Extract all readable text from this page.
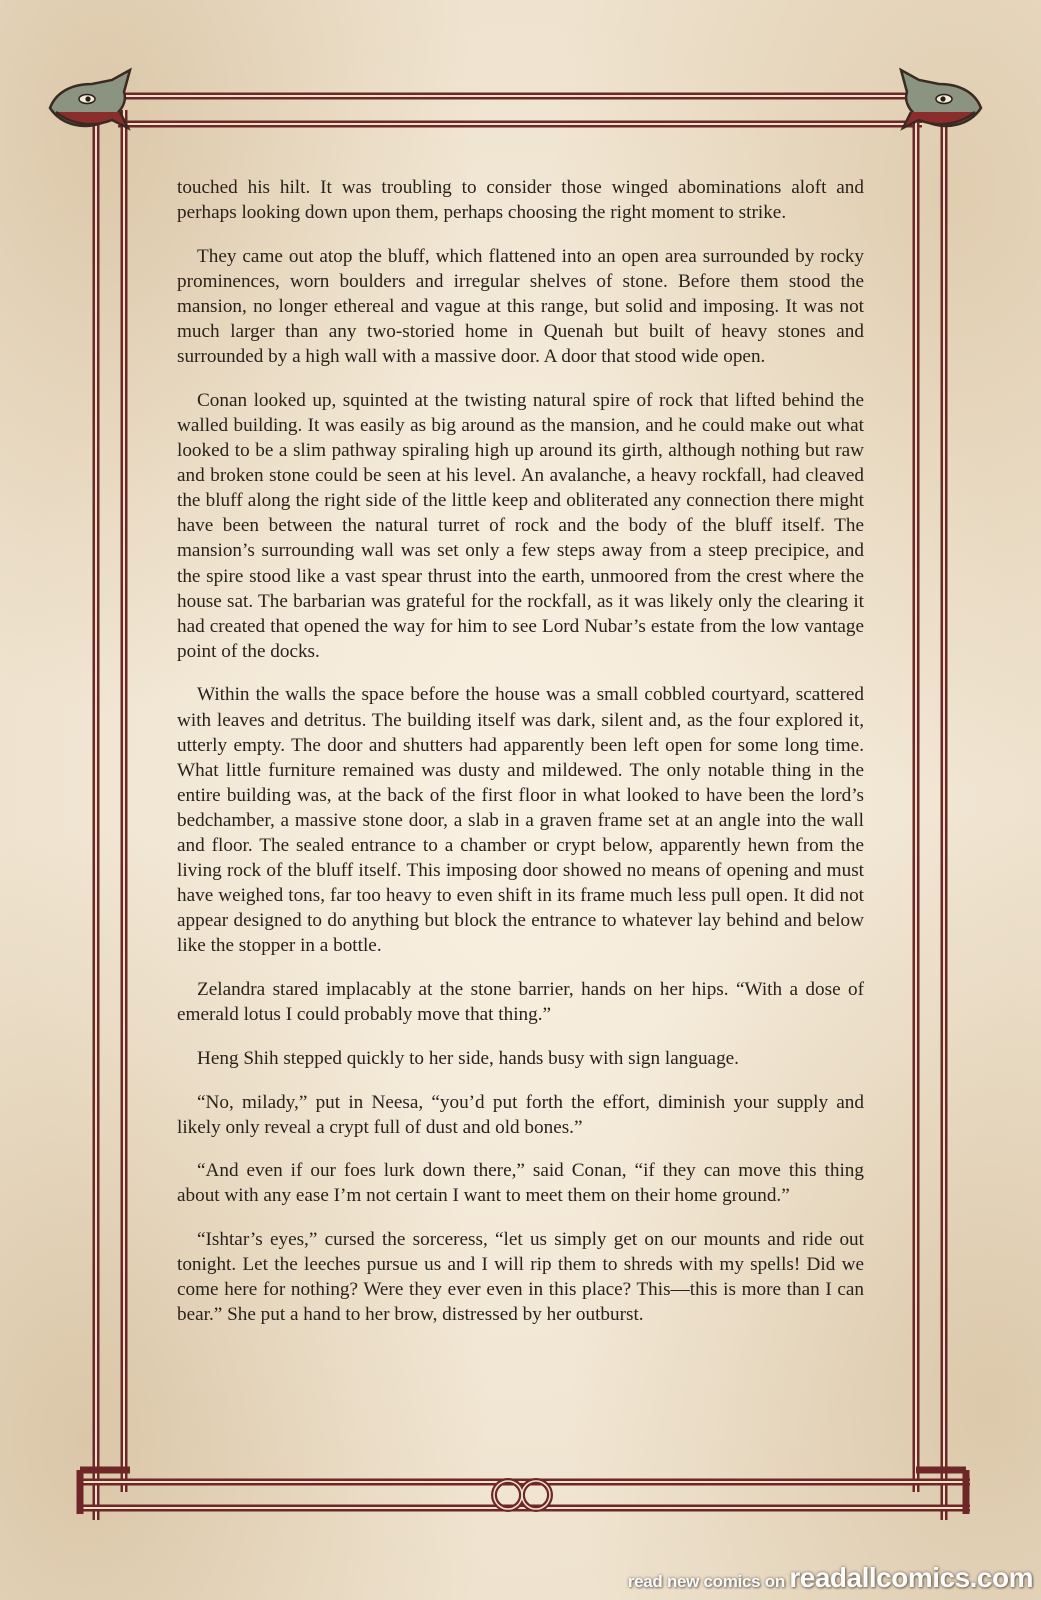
touched his hilt. It was troubling to consider those winged abominations aloft and perhaps looking down upon them, perhaps choosing the right moment to strike.

They came out atop the bluff, which flattened into an open area surrounded by rocky prominences, worn boulders and irregular shelves of stone. Before them stood the mansion, no longer ethereal and vague at this range, but solid and imposing. It was not much larger than any two-storied home in Quenah but built of heavy stones and surrounded by a high wall with a massive door. A door that stood wide open.

Conan looked up, squinted at the twisting natural spire of rock that lifted behind the walled building. It was easily as big around as the mansion, and he could make out what looked to be a slim pathway spiraling high up around its girth, although nothing but raw and broken stone could be seen at his level. An avalanche, a heavy rockfall, had cleaved the bluff along the right side of the little keep and obliterated any connection there might have been between the natural turret of rock and the body of the bluff itself. The mansion’s surrounding wall was set only a few steps away from a steep precipice, and the spire stood like a vast spear thrust into the earth, unmoored from the crest where the house sat. The barbarian was grateful for the rockfall, as it was likely only the clearing it had created that opened the way for him to see Lord Nubar’s estate from the low vantage point of the docks.

Within the walls the space before the house was a small cobbled courtyard, scattered with leaves and detritus. The building itself was dark, silent and, as the four explored it, utterly empty. The door and shutters had apparently been left open for some long time. What little furniture remained was dusty and mildewed. The only notable thing in the entire building was, at the back of the first floor in what looked to have been the lord’s bedchamber, a massive stone door, a slab in a graven frame set at an angle into the wall and floor. The sealed entrance to a chamber or crypt below, apparently hewn from the living rock of the bluff itself. This imposing door showed no means of opening and must have weighed tons, far too heavy to even shift in its frame much less pull open. It did not appear designed to do anything but block the entrance to whatever lay behind and below like the stopper in a bottle.

Zelandra stared implacably at the stone barrier, hands on her hips. “With a dose of emerald lotus I could probably move that thing.”

Heng Shih stepped quickly to her side, hands busy with sign language.

“No, milady,” put in Neesa, “you’d put forth the effort, diminish your supply and likely only reveal a crypt full of dust and old bones.”

“And even if our foes lurk down there,” said Conan, “if they can move this thing about with any ease I’m not certain I want to meet them on their home ground.”

“Ishtar’s eyes,” cursed the sorceress, “let us simply get on our mounts and ride out tonight. Let the leeches pursue us and I will rip them to shreds with my spells! Did we come here for nothing? Were they ever even in this place? This—this is more than I can bear.” She put a hand to her brow, distressed by her outburst.

read new comics on readallcomics.com
